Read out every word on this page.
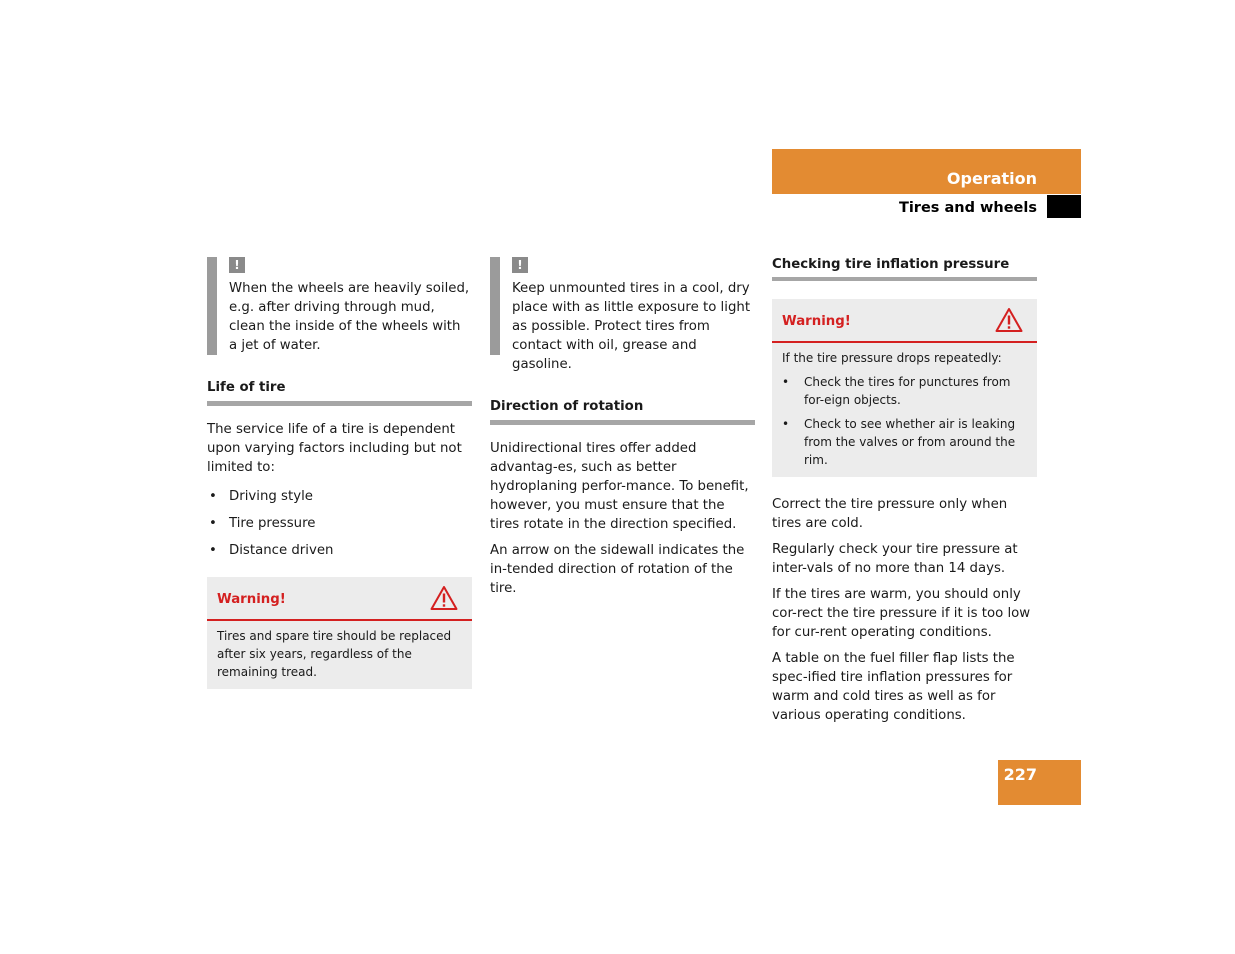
Operation
Tires and wheels
!
When the wheels are heavily soiled, e.g. after driving through mud, clean the inside of the wheels with a jet of water.
Life of tire

The service life of a tire is dependent upon varying factors including but not limited to:

• Driving style
• Tire pressure
• Distance driven
Warning!

Tires and spare tire should be replaced after six years, regardless of the remaining tread.

!
Keep unmounted tires in a cool, dry place with as little exposure to light as possible. Protect tires from contact with oil, grease and gasoline.
Direction of rotation

Unidirectional tires offer added advantag-es, such as better hydroplaning perfor-mance. To benefit, however, you must ensure that the tires rotate in the direction specified.

An arrow on the sidewall indicates the in-tended direction of rotation of the tire.

Checking tire inflation pressure
Warning!

If the tire pressure drops repeatedly:

• Check the tires for punctures from for-eign objects.
• Check to see whether air is leaking from the valves or from around the rim.

Correct the tire pressure only when tires are cold.

Regularly check your tire pressure at inter-vals of no more than 14 days.

If the tires are warm, you should only cor-rect the tire pressure if it is too low for cur-rent operating conditions.

A table on the fuel filler flap lists the spec-ified tire inflation pressures for warm and cold tires as well as for various operating conditions.

227
